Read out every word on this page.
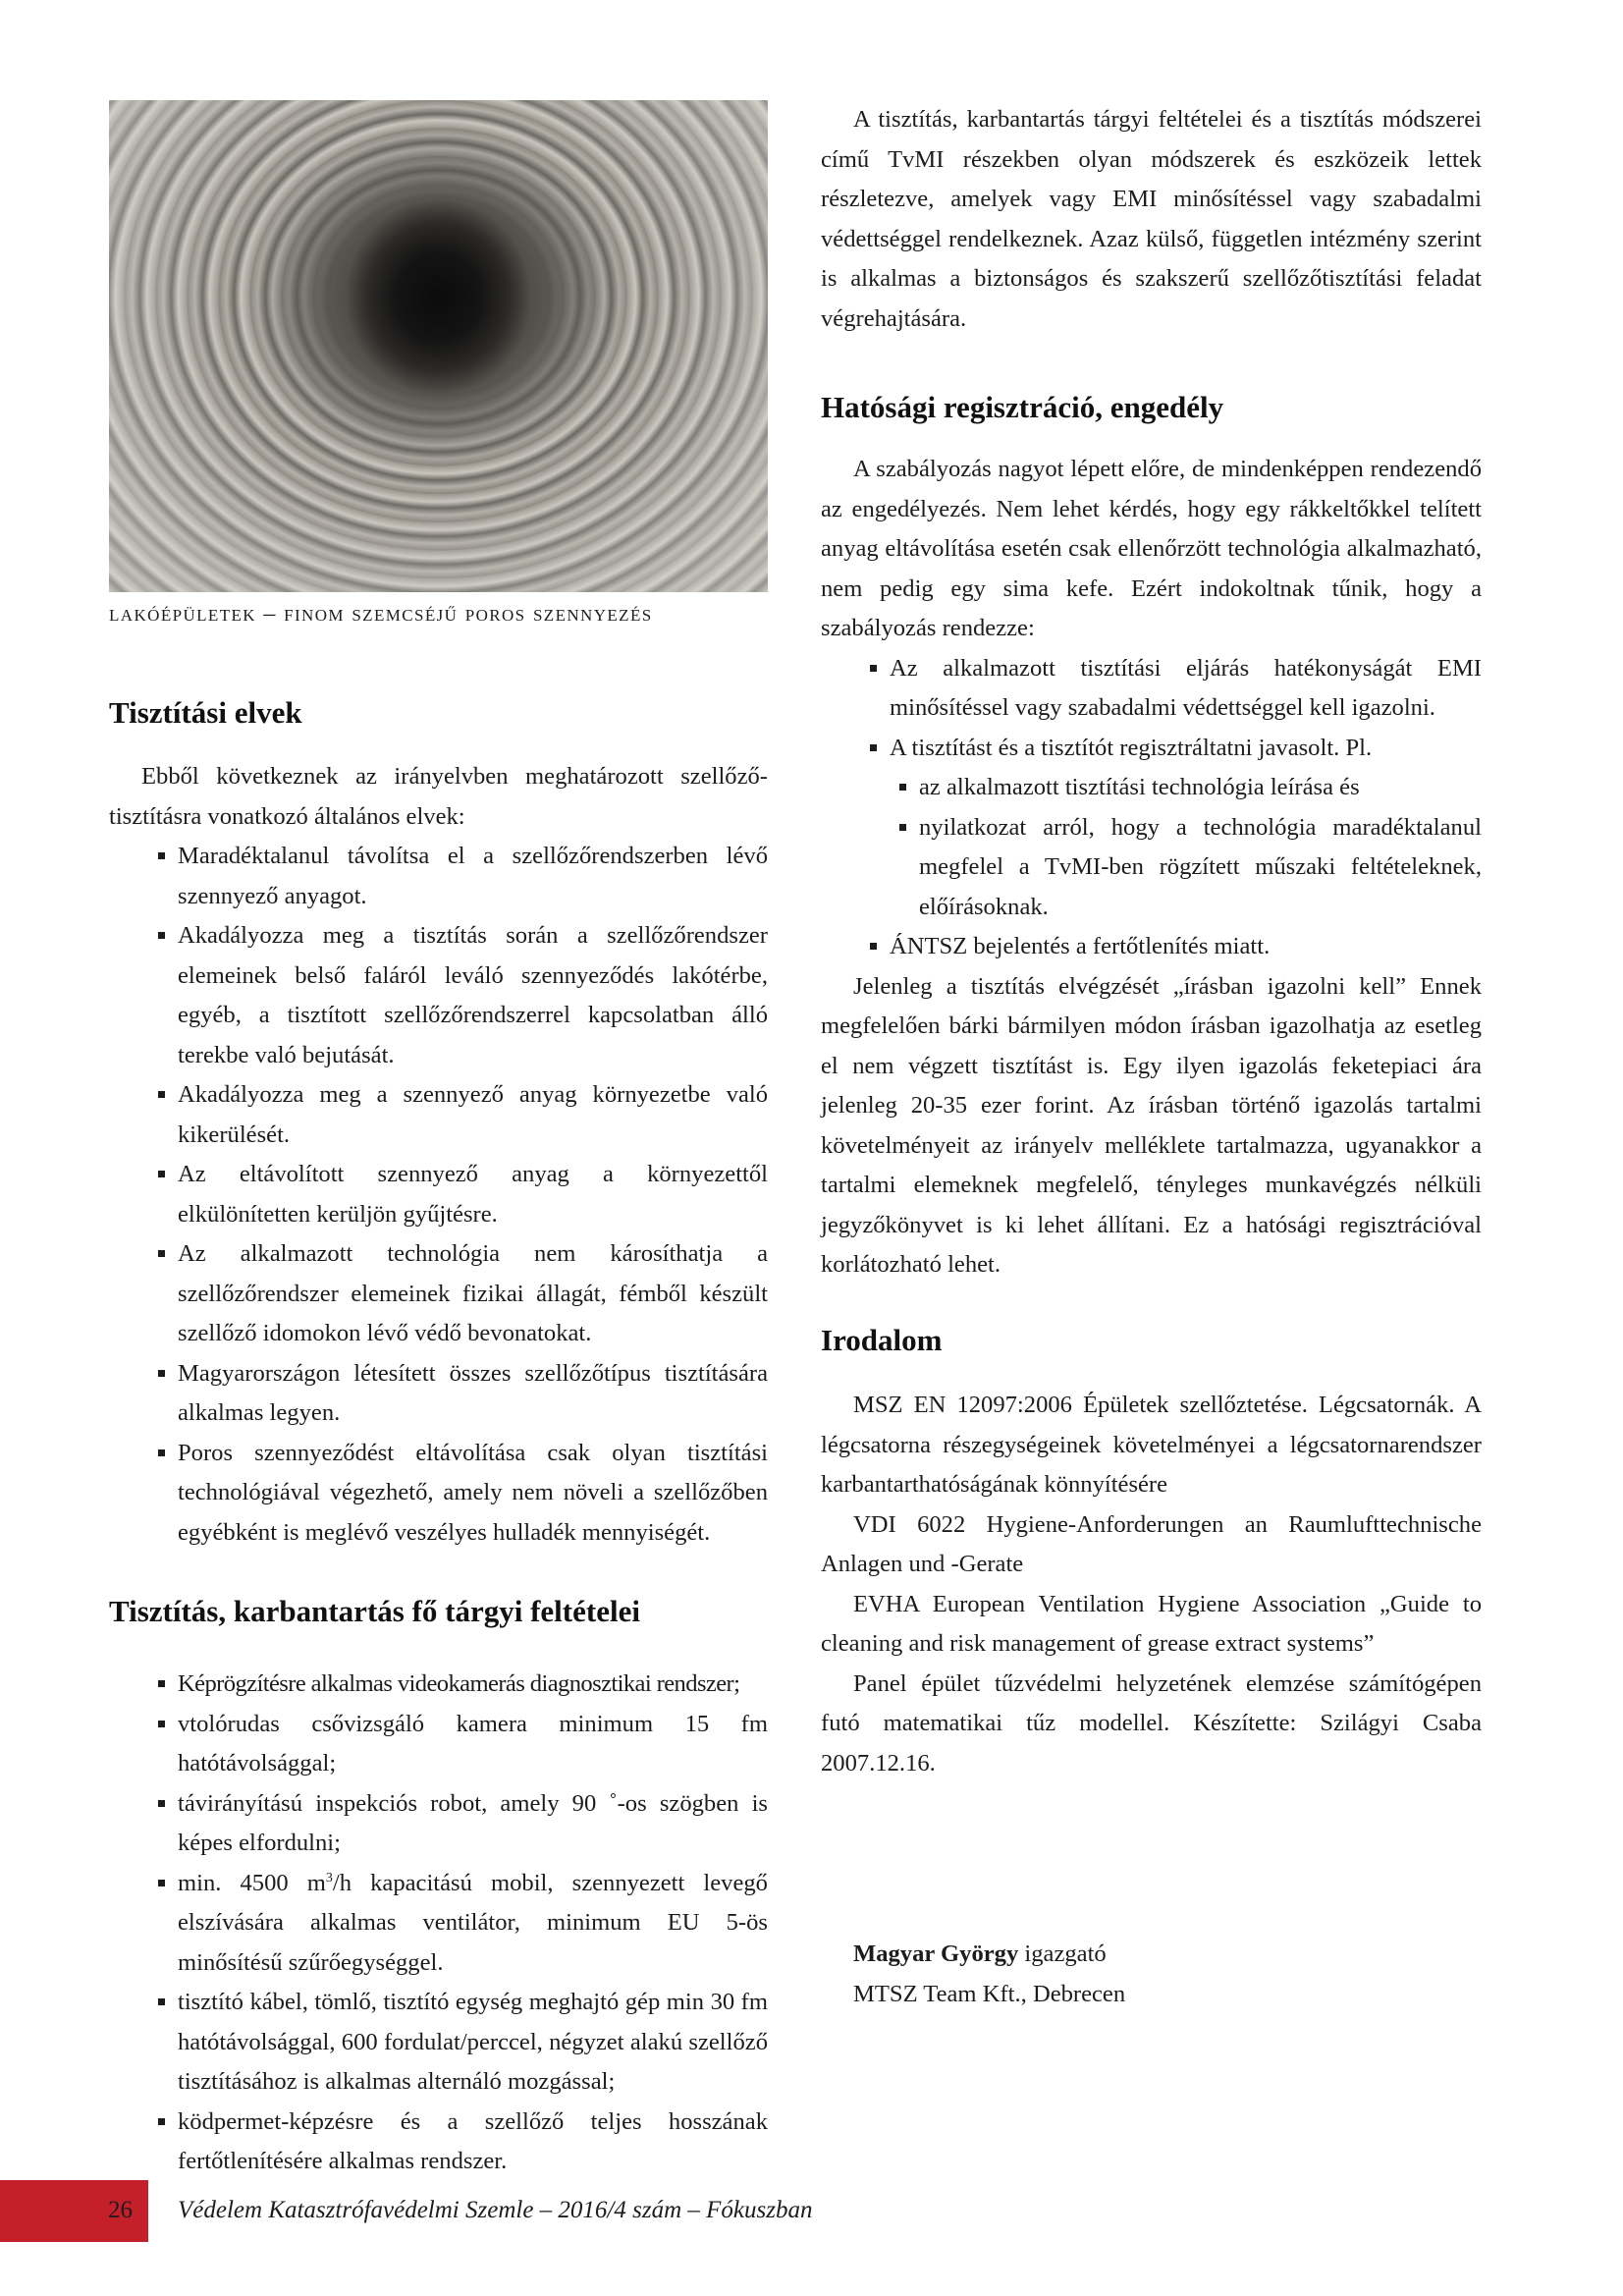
lakóépületek – finom szemcséjű poros szennyezés

Tisztítási elvek

Ebből következnek az irányelvben meghatározott szellőző-tisztításra vonatkozó általános elvek:

Maradéktalanul távolítsa el a szellőzőrendszerben lévő szennyező anyagot.
Akadályozza meg a tisztítás során a szellőzőrendszer elemeinek belső faláról leváló szennyeződés lakótérbe, egyéb, a tisztított szellőzőrendszerrel kapcsolatban álló terekbe való bejutását.
Akadályozza meg a szennyező anyag környezetbe való kikerülését.
Az eltávolított szennyező anyag a környezettől elkülönítetten kerüljön gyűjtésre.
Az alkalmazott technológia nem károsíthatja a szellőzőrendszer elemeinek fizikai állagát, fémből készült szellőző idomokon lévő védő bevonatokat.
Magyarországon létesített összes szellőzőtípus tisztítására alkalmas legyen.
Poros szennyeződést eltávolítása csak olyan tisztítási technológiával végezhető, amely nem növeli a szellőzőben egyébként is meglévő veszélyes hulladék mennyiségét.
Tisztítás, karbantartás fő tárgyi feltételei
Képrögzítésre alkalmas videokamerás diagnosztikai rendszer;
vtolórudas csővizsgáló kamera minimum 15 fm hatótávolsággal;
távirányítású inspekciós robot, amely 90 ˚-os szögben is képes elfordulni;
min. 4500 $m^3/h$ kapacitású mobil, szennyezett levegő elszívására alkalmas ventilátor, minimum EU 5-ös minősítésű szűrőegységgel.
tisztító kábel, tömlő, tisztító egység meghajtó gép min 30 fm hatótávolsággal, 600 fordulat/perccel, négyzet alakú szellőző tisztításához is alkalmas alternáló mozgással;
ködpermet-képzésre és a szellőző teljes hosszának fertőtlenítésére alkalmas rendszer.

A tisztítás, karbantartás tárgyi feltételei és a tisztítás módszerei című TvMI részekben olyan módszerek és eszközeik lettek részletezve, amelyek vagy EMI minősítéssel vagy szabadalmi védettséggel rendelkeznek. Azaz külső, független intézmény szerint is alkalmas a biztonságos és szakszerű szellőzőtisztítási feladat végrehajtására.

Hatósági regisztráció, engedély

A szabályozás nagyot lépett előre, de mindenképpen rendezendő az engedélyezés. Nem lehet kérdés, hogy egy rákkeltőkkel telített anyag eltávolítása esetén csak ellenőrzött technológia alkalmazható, nem pedig egy sima kefe. Ezért indokoltnak tűnik, hogy a szabályozás rendezze:

Az alkalmazott tisztítási eljárás hatékonyságát EMI minősítéssel vagy szabadalmi védettséggel kell igazolni.
A tisztítást és a tisztítót regisztráltatni javasolt. Pl.
az alkalmazott tisztítási technológia leírása és
nyilatkozat arról, hogy a technológia maradéktalanul megfelel a TvMI-ben rögzített műszaki feltételeknek, előírásoknak.
ÁNTSZ bejelentés a fertőtlenítés miatt.

Jelenleg a tisztítás elvégzését „írásban igazolni kell” Ennek megfelelően bárki bármilyen módon írásban igazolhatja az esetleg el nem végzett tisztítást is. Egy ilyen igazolás feketepiaci ára jelenleg 20-35 ezer forint. Az írásban történő igazolás tartalmi követelményeit az irányelv melléklete tartalmazza, ugyanakkor a tartalmi elemeknek megfelelő, tényleges munkavégzés nélküli jegyzőkönyvet is ki lehet állítani. Ez a hatósági regisztrációval korlátozható lehet.

Irodalom

MSZ EN 12097:2006 Épületek szellőztetése. Légcsatornák. A légcsatorna részegységeinek követelményei a légcsatornarendszer karbantarthatóságának könnyítésére

VDI 6022 Hygiene-Anforderungen an Raumlufttechnische Anlagen und -Gerate

EVHA European Ventilation Hygiene Association „Guide to cleaning and risk management of grease extract systems”

Panel épület tűzvédelmi helyzetének elemzése számítógépen futó matematikai tűz modellel. Készítette: Szilágyi Csaba 2007.12.16.

Magyar György igazgató

MTSZ Team Kft., Debrecen

26 Védelem Katasztrófavédelmi Szemle – 2016/4 szám – Fókuszban
